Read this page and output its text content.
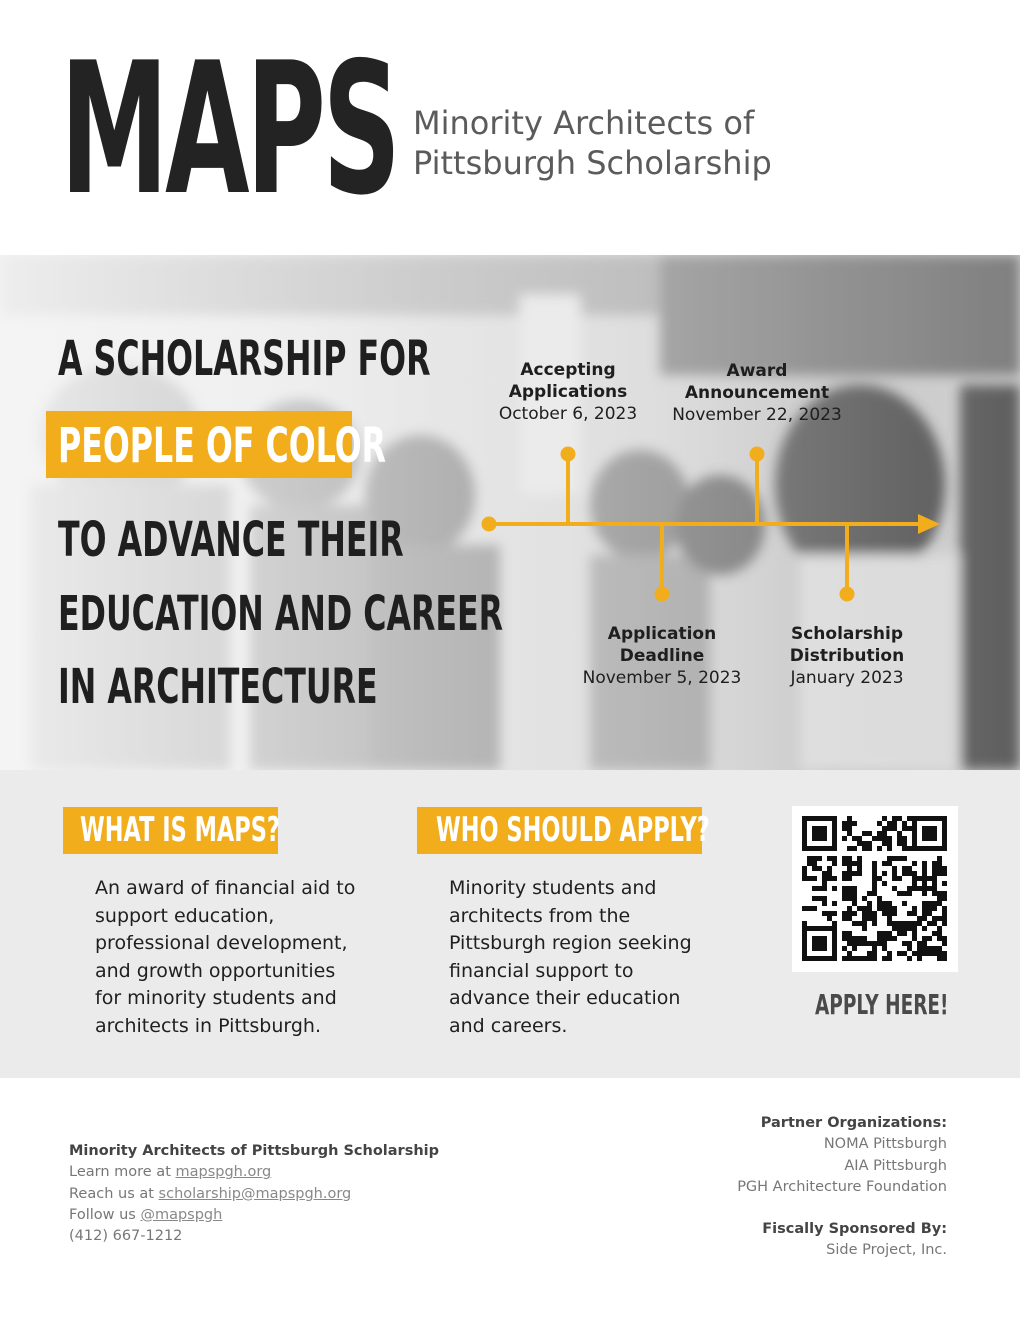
MAPS Minority Architects of
Pittsburgh Scholarship
A SCHOLARSHIP FOR
PEOPLE OF COLOR
TO ADVANCE THEIR
EDUCATION AND CAREER
IN ARCHITECTURE
Accepting
Applications
October 6, 2023
Award
Announcement
November 22, 2023
Application
Deadline
November 5, 2023
Scholarship
Distribution
January 2023
WHAT IS MAPS?
An award of financial aid to
support education,
professional development,
and growth opportunities
for minority students and
architects in Pittsburgh.
WHO SHOULD APPLY?
Minority students and
architects from the
Pittsburgh region seeking
financial support to
advance their education
and careers.
APPLY HERE!
Minority Architects of Pittsburgh Scholarship
Learn more at mapspgh.org
Reach us at scholarship@mapspgh.org
Follow us @mapspgh
(412) 667-1212
Partner Organizations:
NOMA Pittsburgh
AIA Pittsburgh
PGH Architecture Foundation
Fiscally Sponsored By:
Side Project, Inc.
